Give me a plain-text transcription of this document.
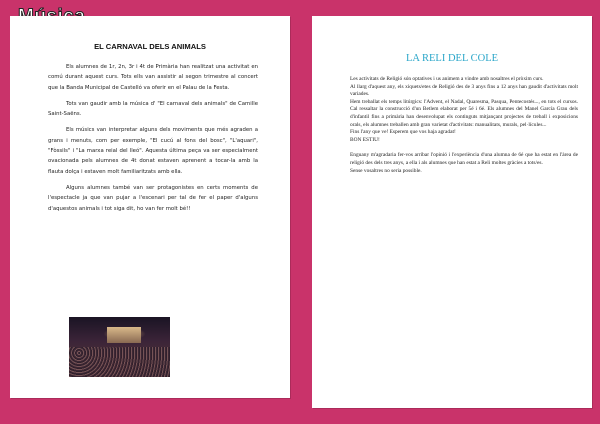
EL CARNAVAL DELS ANIMALS

Els alumnes de 1r, 2n, 3r i 4t de Primària han realitzat una activitat en comú durant aquest curs. Tots ells van assistir al segon trimestre al concert que la Banda Municipal de Castelló va oferir en el Palau de la Festa.

Tots van gaudir amb la música d' "El carnaval dels animals" de Camille Saint-Saëns.

Els músics van interpretar alguns dels moviments que més agraden a grans i menuts, com per exemple, "El cucú al fons del bosc", "L'aquari", "Fòssils" i "La marxa reial del lleó". Aquesta última peça va ser especialment ovacionada pels alumnes de 4t donat estaven aprenent a tocar-la amb la flauta dolça i estaven molt familiaritzats amb ella.

Alguns alumnes també van ser protagonistes en certs moments de l'espectacle ja que van pujar a l'escenari per tal de fer el paper d'alguns d'aquestos animals i tot siga dit, ho van fer molt bé!!

LA RELI DEL COLE

Les activitats de Religió són optatives i us animem a vindre amb nosaltres el pròxim curs.

Al llarg d'aquest any, els xiquets/etes de Religió des de 3 anys fins a 12 anys han gaudit d'activitats molt variades.

Hem treballat els temps litúrgics: l'Advent, el Nadal, Quaresma, Pasqua, Pentecostés..., en tots el cursos. Cal ressaltar la construcció d'un Betlem elaborat per 5é i 6é. Els alumnes del Manel García Grau dels d'infantil fins a primària han desenvolupat els continguts mitjançant projectes de treball i exposicions orals, els alumnes treballen amb gran varietat d'activitats: manualitats, murals, pel·lícules...

Fins l'any que ve! Esperem que vos haja agradat!

BON ESTIU!

Enguany m'agradaria fer-vos arribar l'opinió i l'experiència d'una alumna de 6é que ha estat en l'àrea de religió des dels tres anys, a ella i als alumnes que han estat a Reli moltes gràcies a tots/es.

Sense vosaltres no seria possible.
